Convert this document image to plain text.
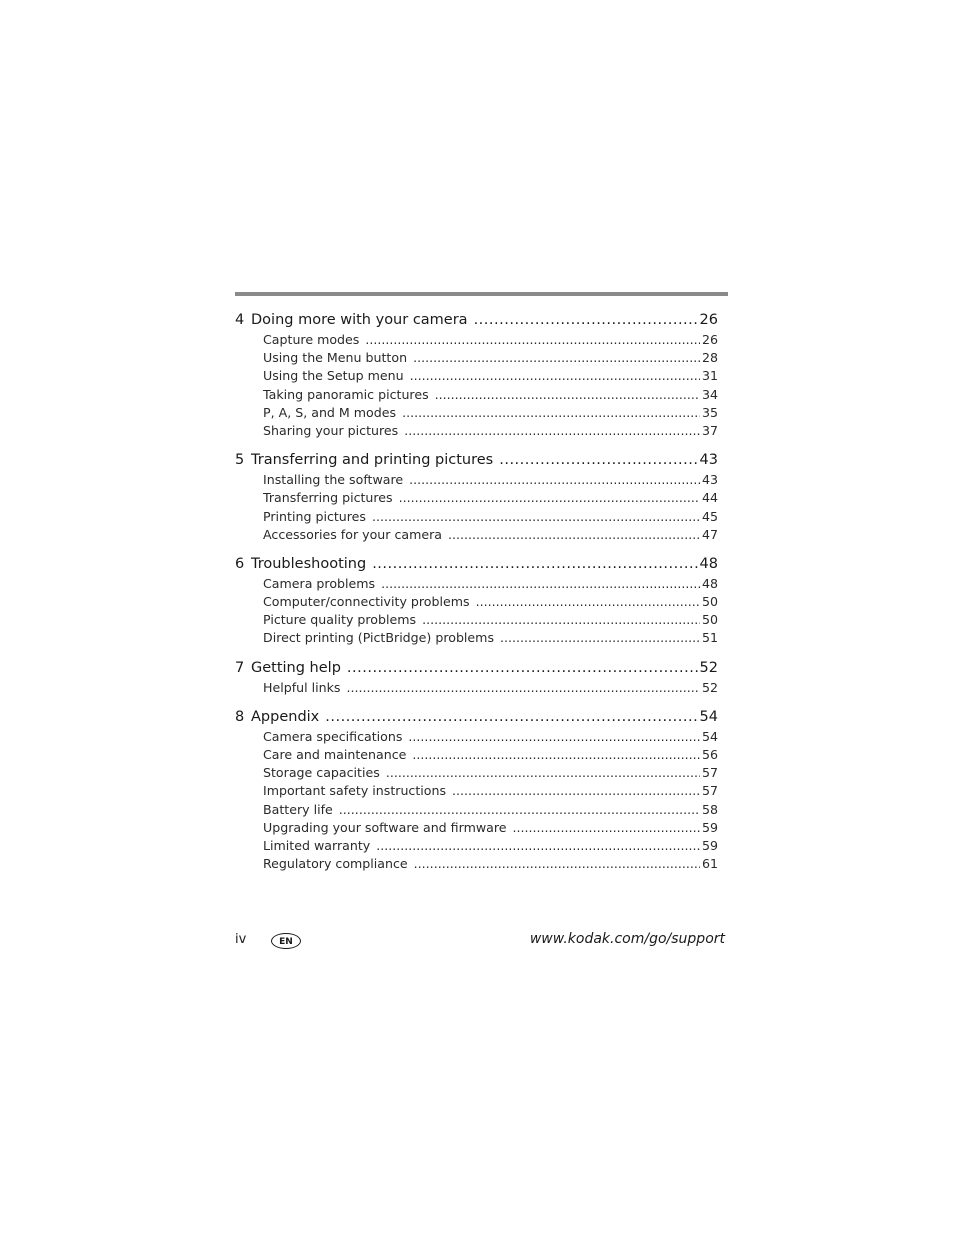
4 Doing more with your camera .....	26
Capture modes .....	26
Using the Menu button .....	28
Using the Setup menu .....	31
Taking panoramic pictures .....	34
P, A, S, and M modes .....	35
Sharing your pictures .....	37
5 Transferring and printing pictures .....	43
Installing the software .....	43
Transferring pictures .....	44
Printing pictures .....	45
Accessories for your camera .....	47
6 Troubleshooting .....	48
Camera problems .....	48
Computer/connectivity problems .....	50
Picture quality problems .....	50
Direct printing (PictBridge) problems .....	51
7 Getting help .....	52
Helpful links .....	52
8 Appendix .....	54
Camera specifications .....	54
Care and maintenance .....	56
Storage capacities .....	57
Important safety instructions .....	57
Battery life .....	58
Upgrading your software and firmware .....	59
Limited warranty .....	59
Regulatory compliance .....	61
iv	EN	www.kodak.com/go/support
